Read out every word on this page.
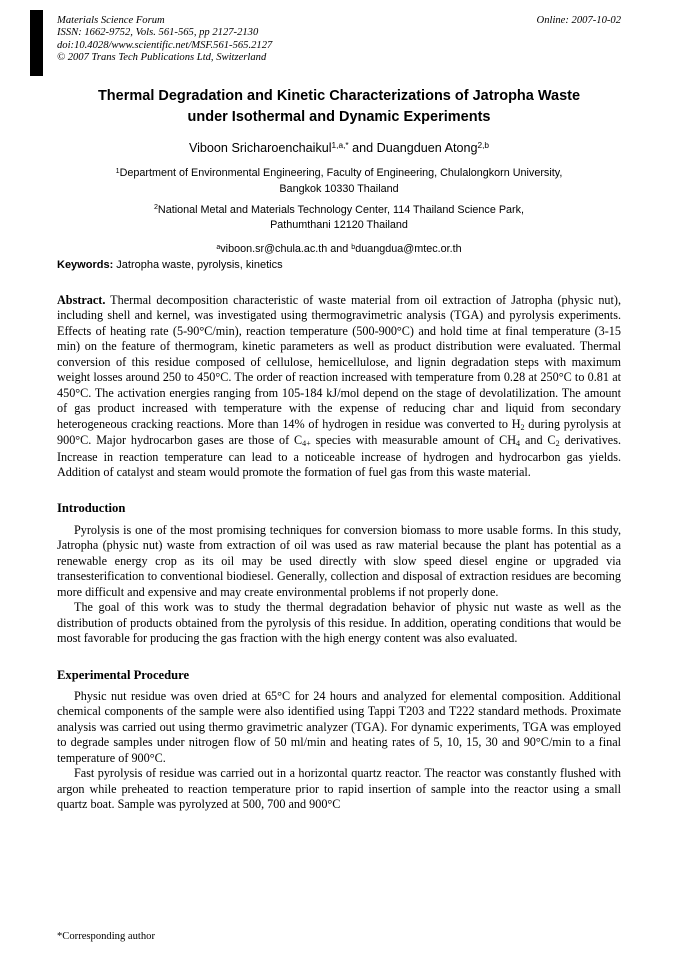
Materials Science Forum	Online: 2007-10-02
ISSN: 1662-9752, Vols. 561-565, pp 2127-2130
doi:10.4028/www.scientific.net/MSF.561-565.2127
© 2007 Trans Tech Publications Ltd, Switzerland
Thermal Degradation and Kinetic Characterizations of Jatropha Waste
under Isothermal and Dynamic Experiments
Viboon Sricharoenchaikul$^{1,a,*}$ and Duangduen Atong$^{2,b}$
$^1$Department of Environmental Engineering, Faculty of Engineering, Chulalongkorn University,
Bangkok 10330 Thailand
$^2$National Metal and Materials Technology Center, 114 Thailand Science Park,
Pathumthani 12120 Thailand
$^a$viboon.sr@chula.ac.th and $^b$duangdua@mtec.or.th
Keywords: Jatropha waste, pyrolysis, kinetics
Abstract. Thermal decomposition characteristic of waste material from oil extraction of Jatropha (physic nut), including shell and kernel, was investigated using thermogravimetric analysis (TGA) and pyrolysis experiments. Effects of heating rate (5-90°C/min), reaction temperature (500-900°C) and hold time at final temperature (3-15 min) on the feature of thermogram, kinetic parameters as well as product distribution were evaluated. Thermal conversion of this residue composed of cellulose, hemicellulose, and lignin degradation steps with maximum weight losses around 250 to 450°C. The order of reaction increased with temperature from 0.28 at 250°C to 0.81 at 450°C. The activation energies ranging from 105-184 kJ/mol depend on the stage of devolatilization. The amount of gas product increased with temperature with the expense of reducing char and liquid from secondary heterogeneous cracking reactions. More than 14% of hydrogen in residue was converted to H2 during pyrolysis at 900°C. Major hydrocarbon gases are those of C4+ species with measurable amount of CH4 and C2 derivatives. Increase in reaction temperature can lead to a noticeable increase of hydrogen and hydrocarbon gas yields. Addition of catalyst and steam would promote the formation of fuel gas from this waste material.
Introduction
Pyrolysis is one of the most promising techniques for conversion biomass to more usable forms. In this study, Jatropha (physic nut) waste from extraction of oil was used as raw material because the plant has potential as a renewable energy crop as its oil may be used directly with slow speed diesel engine or upgraded via transesterification to conventional biodiesel. Generally, collection and disposal of extraction residues are becoming more difficult and expensive and may create environmental problems if not properly done.
The goal of this work was to study the thermal degradation behavior of physic nut waste as well as the distribution of products obtained from the pyrolysis of this residue. In addition, operating conditions that would be most favorable for producing the gas fraction with the high energy content was also evaluated.
Experimental Procedure
Physic nut residue was oven dried at 65°C for 24 hours and analyzed for elemental composition. Additional chemical components of the sample were also identified using Tappi T203 and T222 standard methods. Proximate analysis was carried out using thermo gravimetric analyzer (TGA). For dynamic experiments, TGA was employed to degrade samples under nitrogen flow of 50 ml/min and heating rates of 5, 10, 15, 30 and 90°C/min to a final temperature of 900°C.
Fast pyrolysis of residue was carried out in a horizontal quartz reactor. The reactor was constantly flushed with argon while preheated to reaction temperature prior to rapid insertion of sample into the reactor using a small quartz boat. Sample was pyrolyzed at 500, 700 and 900°C
*Corresponding author
